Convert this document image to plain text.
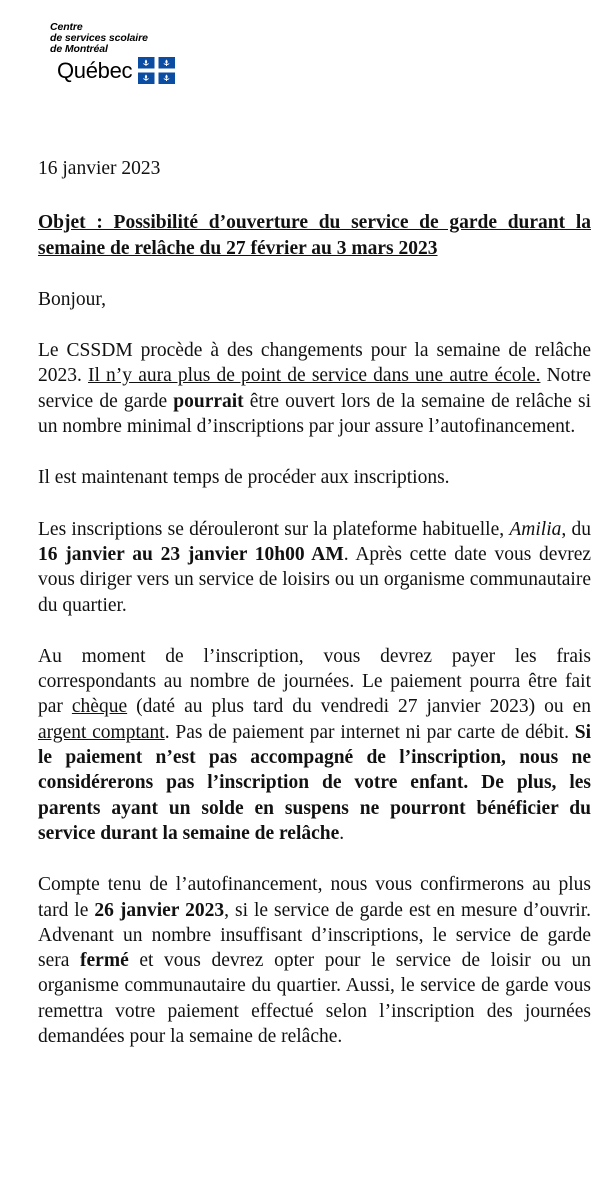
Centre
de services scolaire
de Montréal
Québec
16 janvier 2023
Objet : Possibilité d’ouverture du service de garde durant la semaine de relâche du 27 février au 3 mars 2023

Bonjour,

Le CSSDM procède à des changements pour la semaine de relâche 2023. Il n’y aura plus de point de service dans une autre école. Notre service de garde pourrait être ouvert lors de la semaine de relâche si un nombre minimal d’inscriptions par jour assure l’autofinancement.

Il est maintenant temps de procéder aux inscriptions.

Les inscriptions se dérouleront sur la plateforme habituelle, Amilia, du 16 janvier au 23 janvier 10h00 AM. Après cette date vous devrez vous diriger vers un service de loisirs ou un organisme communautaire du quartier.

Au moment de l’inscription, vous devrez payer les frais correspondants au nombre de journées. Le paiement pourra être fait par chèque (daté au plus tard du vendredi 27 janvier 2023) ou en argent comptant. Pas de paiement par internet ni par carte de débit. Si le paiement n’est pas accompagné de l’inscription, nous ne considérerons pas l’inscription de votre enfant. De plus, les parents ayant un solde en suspens ne pourront bénéficier du service durant la semaine de relâche.

Compte tenu de l’autofinancement, nous vous confirmerons au plus tard le 26 janvier 2023, si le service de garde est en mesure d’ouvrir. Advenant un nombre insuffisant d’inscriptions, le service de garde sera fermé et vous devrez opter pour le service de loisir ou un organisme communautaire du quartier. Aussi, le service de garde vous remettra votre paiement effectué selon l’inscription des journées demandées pour la semaine de relâche.
